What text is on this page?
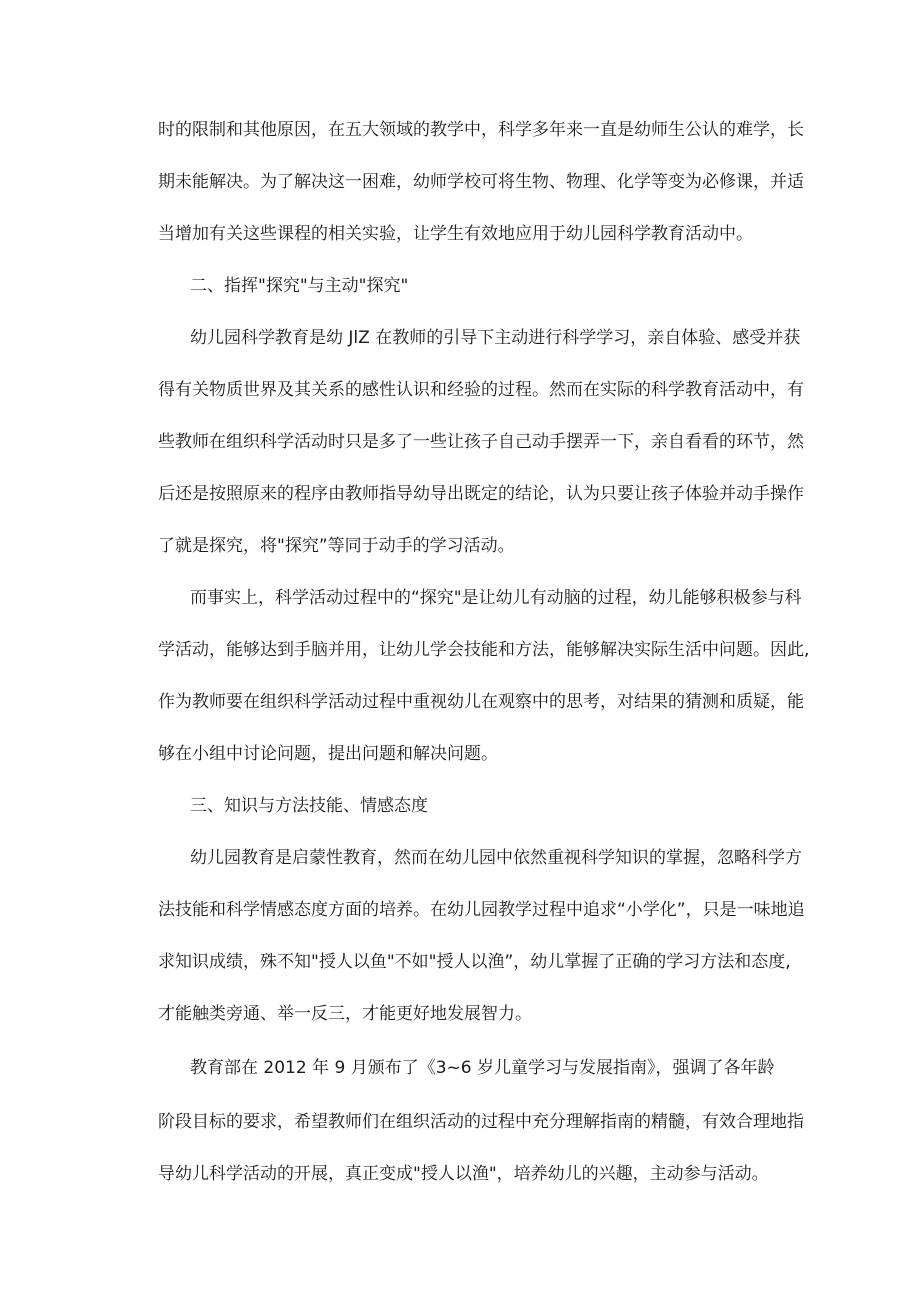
时的限制和其他原因，在五大领域的教学中，科学多年来一直是幼师生公认的难学，长
期未能解决。为了解决这一困难，幼师学校可将生物、物理、化学等变为必修课，并适
当增加有关这些课程的相关实验，让学生有效地应用于幼儿园科学教育活动中。
二、指挥"探究"与主动"探究"
幼儿园科学教育是幼 JlZ 在教师的引导下主动进行科学学习，亲自体验、感受并获
得有关物质世界及其关系的感性认识和经验的过程。然而在实际的科学教育活动中，有
些教师在组织科学活动时只是多了一些让孩子自己动手摆弄一下，亲自看看的环节，然
后还是按照原来的程序由教师指导幼导出既定的结论，认为只要让孩子体验并动手操作
了就是探究，将"探究”等同于动手的学习活动。
而事实上，科学活动过程中的“探究"是让幼儿有动脑的过程，幼儿能够积极参与科
学活动，能够达到手脑并用，让幼儿学会技能和方法，能够解决实际生活中问题。因此,
作为教师要在组织科学活动过程中重视幼儿在观察中的思考，对结果的猜测和质疑，能
够在小组中讨论问题，提出问题和解决问题。
三、知识与方法技能、情感态度
幼儿园教育是启蒙性教育，然而在幼儿园中依然重视科学知识的掌握，忽略科学方
法技能和科学情感态度方面的培养。在幼儿园教学过程中追求“小学化”，只是一味地追
求知识成绩，殊不知"授人以鱼"不如"授人以渔”，幼儿掌握了正确的学习方法和态度,
才能触类旁通、举一反三，才能更好地发展智力。
教育部在 2012 年 9 月颁布了《3~6 岁儿童学习与发展指南》，强调了各年龄
阶段目标的要求，希望教师们在组织活动的过程中充分理解指南的精髓，有效合理地指
导幼儿科学活动的开展，真正变成"授人以渔"，培养幼儿的兴趣，主动参与活动。
